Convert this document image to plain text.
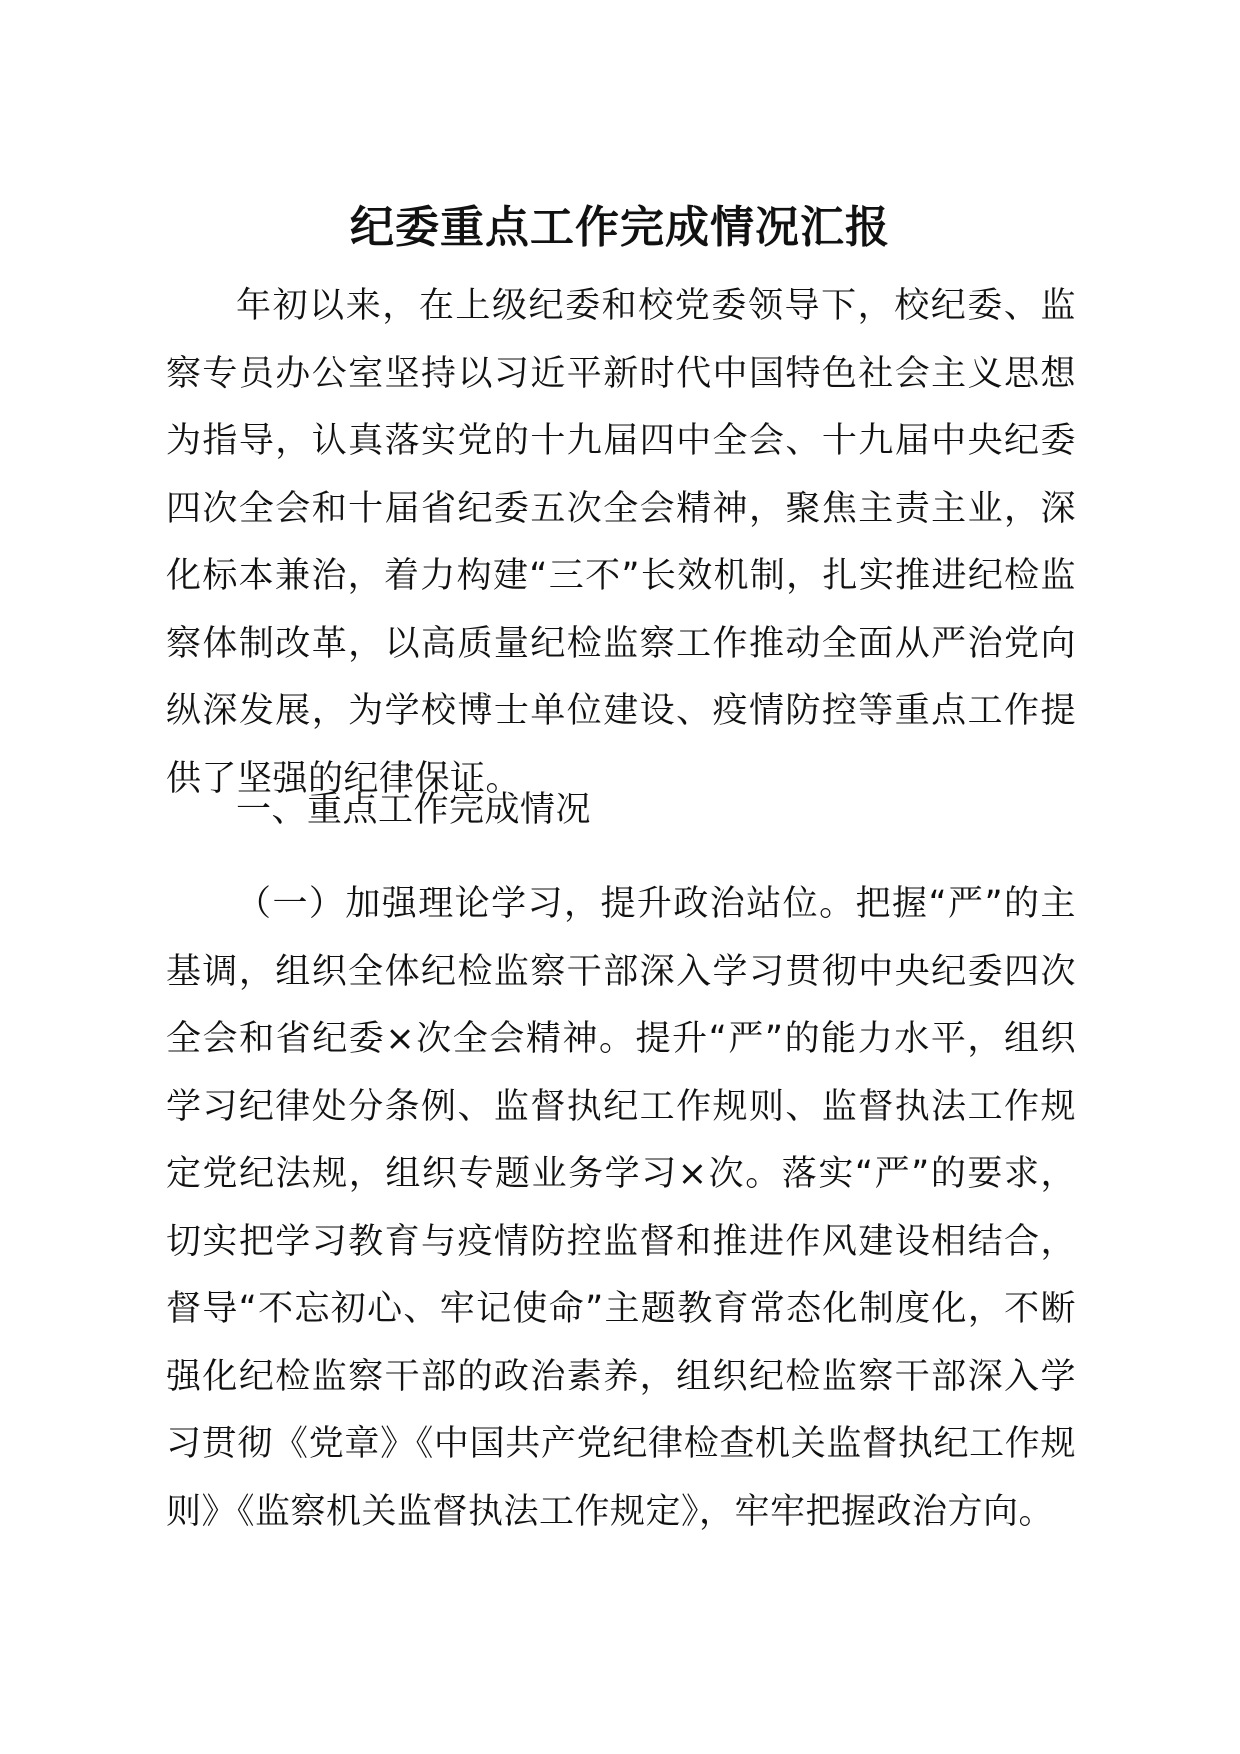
纪委重点工作完成情况汇报

年初以来，在上级纪委和校党委领导下，校纪委、监察专员办公室坚持以习近平新时代中国特色社会主义思想为指导，认真落实党的十九届四中全会、十九届中央纪委四次全会和十届省纪委五次全会精神，聚焦主责主业，深化标本兼治，着力构建“三不”长效机制，扎实推进纪检监察体制改革，以高质量纪检监察工作推动全面从严治党向纵深发展，为学校博士单位建设、疫情防控等重点工作提供了坚强的纪律保证。

一、重点工作完成情况

（一）加强理论学习，提升政治站位。把握“严”的主基调，组织全体纪检监察干部深入学习贯彻中央纪委四次全会和省纪委×次全会精神。提升“严”的能力水平，组织学习纪律处分条例、监督执纪工作规则、监督执法工作规定党纪法规，组织专题业务学习×次。落实“严”的要求，切实把学习教育与疫情防控监督和推进作风建设相结合，督导“不忘初心、牢记使命”主题教育常态化制度化，不断强化纪检监察干部的政治素养，组织纪检监察干部深入学习贯彻《党章》《中国共产党纪律检查机关监督执纪工作规则》《监察机关监督执法工作规定》，牢牢把握政治方向。
